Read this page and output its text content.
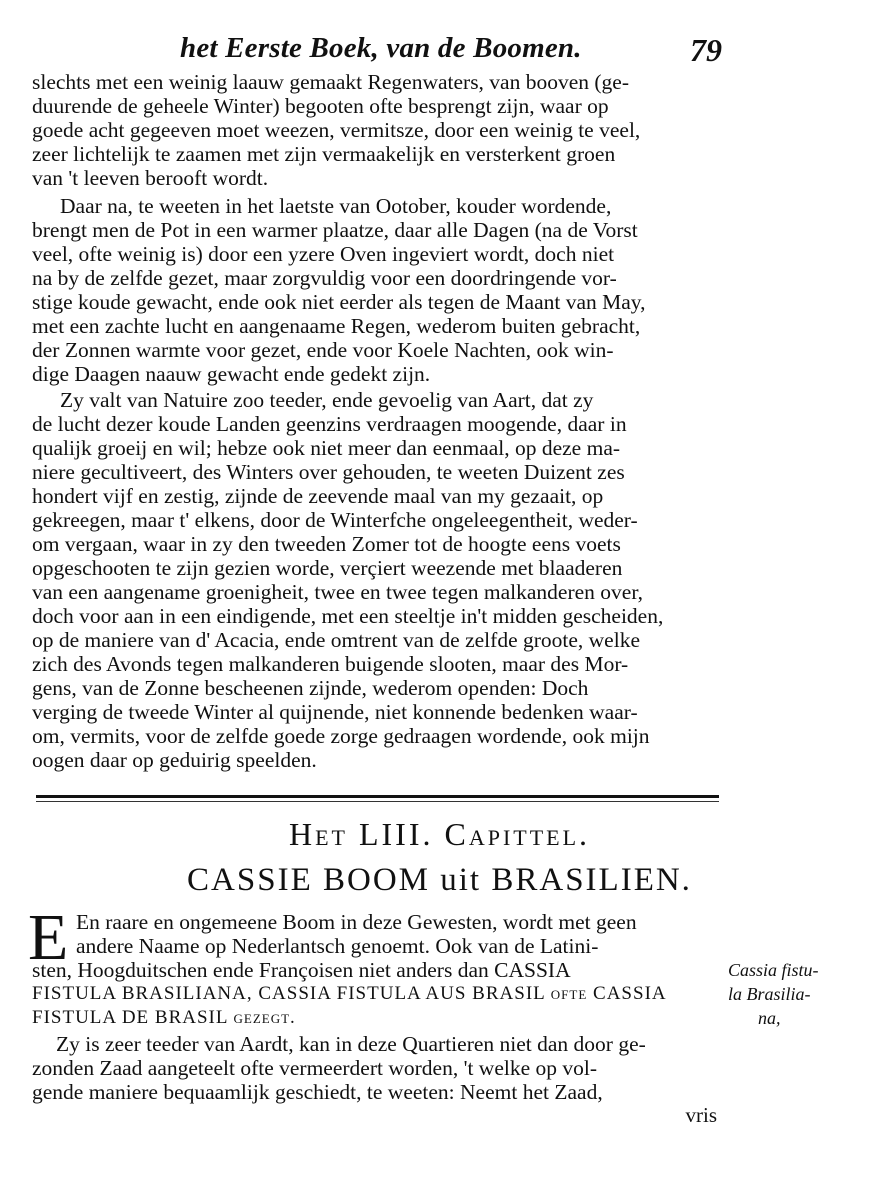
het Eerste Boek, van de Boomen.	79
slechts met een weinig laauw gemaakt Regenwaters, van booven (ge-
duurende de geheele Winter) begooten ofte besprengt zijn, waar op
goede acht gegeeven moet weezen, vermitsze, door een weinig te veel,
zeer lichtelijk te zaamen met zijn vermaakelijk en versterkent groen
van 't leeven berooft wordt.
Daar na, te weeten in het laetste van Ootober, kouder wordende,
brengt men de Pot in een warmer plaatze, daar alle Dagen (na de Vorst
veel, ofte weinig is) door een yzere Oven ingeviert wordt, doch niet
na by de zelfde gezet, maar zorgvuldig voor een doordringende vor-
stige koude gewacht, ende ook niet eerder als tegen de Maant van May,
met een zachte lucht en aangenaame Regen, wederom buiten gebracht,
der Zonnen warmte voor gezet, ende voor Koele Nachten, ook win-
dige Daagen naauw gewacht ende gedekt zijn.
Zy valt van Natuire zoo teeder, ende gevoelig van Aart, dat zy
de lucht dezer koude Landen geenzins verdraagen moogende, daar in
qualijk groeij en wil; hebze ook niet meer dan eenmaal, op deze ma-
niere gecultiveert, des Winters over gehouden, te weeten Duizent zes
hondert vijf en zestig, zijnde de zeevende maal van my gezaait, op
gekreegen, maar t' elkens, door de Winterfche ongeleegentheit, weder-
om vergaan, waar in zy den tweeden Zomer tot de hoogte eens voets
opgeschooten te zijn gezien worde, verçiert weezende met blaaderen
van een aangename groenigheit, twee en twee tegen malkanderen over,
doch voor aan in een eindigende, met een steeltje in't midden gescheiden,
op de maniere van d' Acacia, ende omtrent van de zelfde groote, welke
zich des Avonds tegen malkanderen buigende slooten, maar des Mor-
gens, van de Zonne bescheenen zijnde, wederom openden: Doch
verging de tweede Winter al quijnende, niet konnende bedenken waar-
om, vermits, voor de zelfde goede zorge gedraagen wordende, ook mijn
oogen daar op geduirig speelden.
Het LIII. Capittel.
CASSIE BOOM uit BRASILIEN.
E En raare en ongemeene Boom in deze Gewesten, wordt met geen
andere Naame op Nederlantsch genoemt. Ook van de Latini-
sten, Hoogduitschen ende Françoisen niet anders dan CASSIA
FISTULA BRASILIANA, CASSIA FISTULA AUS BRASIL ofte CASSIA
FISTULA DE BRASIL gezegt.
Zy is zeer teeder van Aardt, kan in deze Quartieren niet dan door ge-
zonden Zaad aangeteelt ofte vermeerdert worden, 't welke op vol-
gende maniere bequaamlijk geschiedt, te weeten: Neemt het Zaad,
Cassia fistu-
la Brasilia-
na,
vris
